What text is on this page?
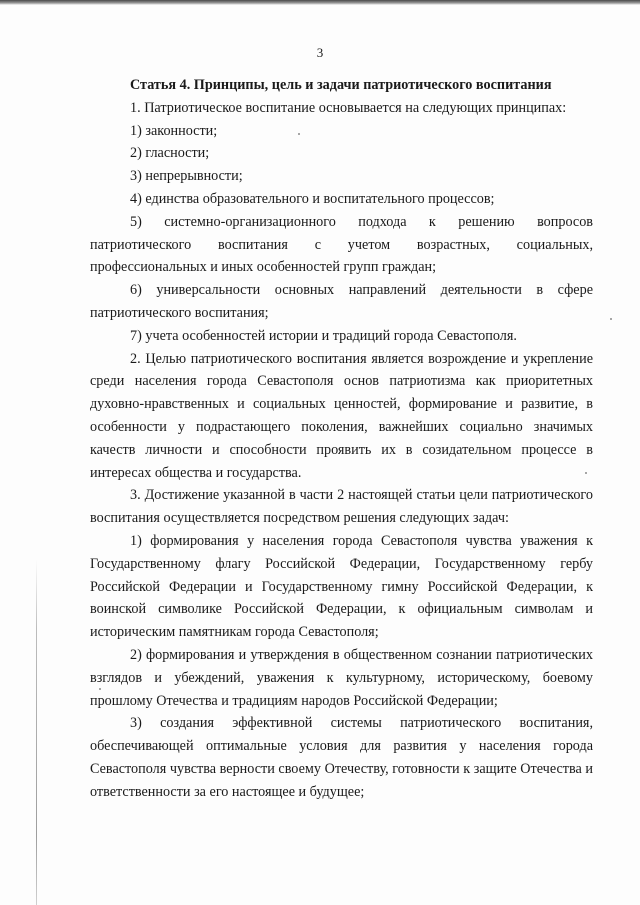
3

Статья 4. Принципы, цель и задачи патриотического воспитания

1. Патриотическое воспитание основывается на следующих принципах:

1) законности;

2) гласности;

3) непрерывности;

4) единства образовательного и воспитательного процессов;

5) системно-организационного подхода к решению вопросов патриотического воспитания с учетом возрастных, социальных, профессиональных и иных особенностей групп граждан;

6) универсальности основных направлений деятельности в сфере патриотического воспитания;

7) учета особенностей истории и традиций города Севастополя.

2. Целью патриотического воспитания является возрождение и укрепление среди населения города Севастополя основ патриотизма как приоритетных духовно-нравственных и социальных ценностей, формирование и развитие, в особенности у подрастающего поколения, важнейших социально значимых качеств личности и способности проявить их в созидательном процессе в интересах общества и государства.

3. Достижение указанной в части 2 настоящей статьи цели патриотического воспитания осуществляется посредством решения следующих задач:

1) формирования у населения города Севастополя чувства уважения к Государственному флагу Российской Федерации, Государственному гербу Российской Федерации и Государственному гимну Российской Федерации, к воинской символике Российской Федерации, к официальным символам и историческим памятникам города Севастополя;

2) формирования и утверждения в общественном сознании патриотических взглядов и убеждений, уважения к культурному, историческому, боевому прошлому Отечества и традициям народов Российской Федерации;

3) создания эффективной системы патриотического воспитания, обеспечивающей оптимальные условия для развития у населения города Севастополя чувства верности своему Отечеству, готовности к защите Отечества и ответственности за его настоящее и будущее;
